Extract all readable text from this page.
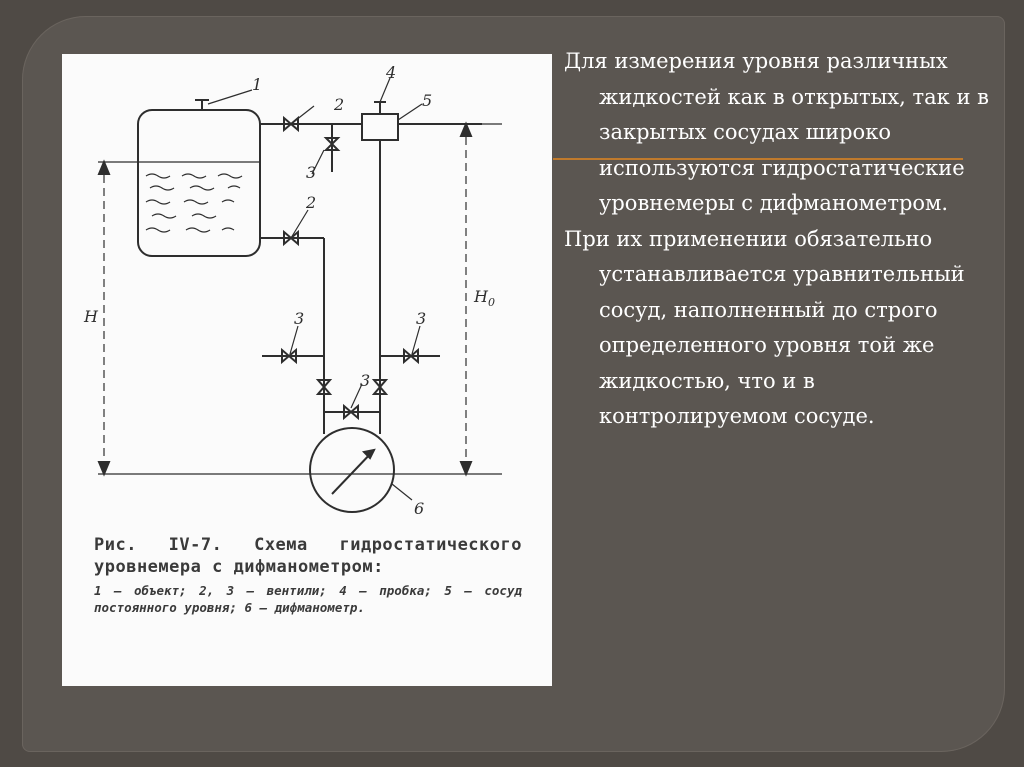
1
2
3
4
5
2
3	3
3
6
H
$H_0$
Рис. IV-7. Схема гидростатического уровнемера с дифманометром:
1 — объект; 2, 3 — вентили; 4 — пробка; 5 — сосуд постоянного уровня; 6 — дифманометр.

Для измерения уровня различных жидкостей как в открытых, так и в закрытых сосудах широко используются гидростатические уровнемеры с дифманометром.

При их применении обязательно устанавливается уравнительный сосуд, наполненный до строго определенного уровня той же жидкостью, что и в контролируемом сосуде.
